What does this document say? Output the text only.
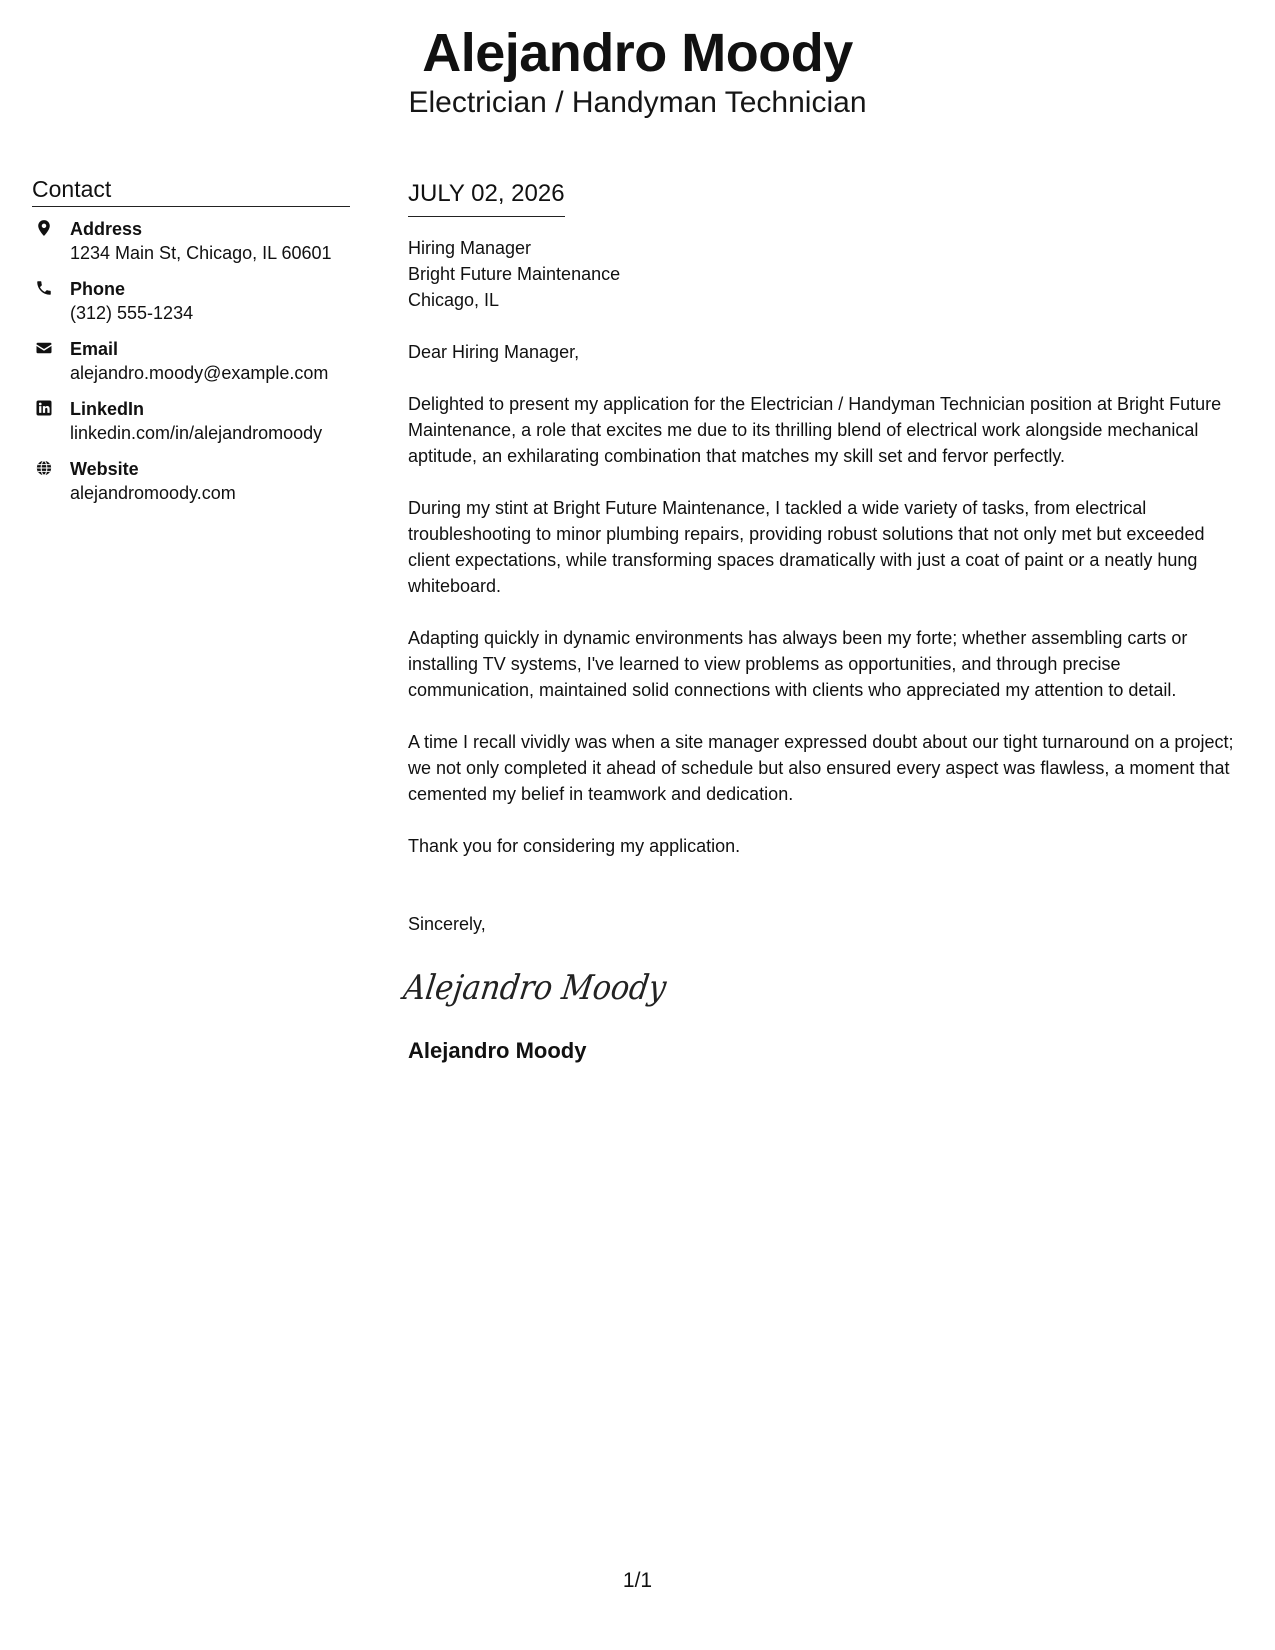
Alejandro Moody
Electrician / Handyman Technician
Contact
Address
1234 Main St, Chicago, IL 60601
Phone
(312) 555-1234
Email
alejandro.moody@example.com
LinkedIn
linkedin.com/in/alejandromoody
Website
alejandromoody.com
JULY 02, 2026
Hiring Manager
Bright Future Maintenance
Chicago, IL
Dear Hiring Manager,
Delighted to present my application for the Electrician / Handyman Technician position at Bright Future Maintenance, a role that excites me due to its thrilling blend of electrical work alongside mechanical aptitude, an exhilarating combination that matches my skill set and fervor perfectly.
During my stint at Bright Future Maintenance, I tackled a wide variety of tasks, from electrical troubleshooting to minor plumbing repairs, providing robust solutions that not only met but exceeded client expectations, while transforming spaces dramatically with just a coat of paint or a neatly hung whiteboard.
Adapting quickly in dynamic environments has always been my forte; whether assembling carts or installing TV systems, I've learned to view problems as opportunities, and through precise communication, maintained solid connections with clients who appreciated my attention to detail.
A time I recall vividly was when a site manager expressed doubt about our tight turnaround on a project; we not only completed it ahead of schedule but also ensured every aspect was flawless, a moment that cemented my belief in teamwork and dedication.
Thank you for considering my application.
Sincerely,
Alejandro Moody
Alejandro Moody
1/1
